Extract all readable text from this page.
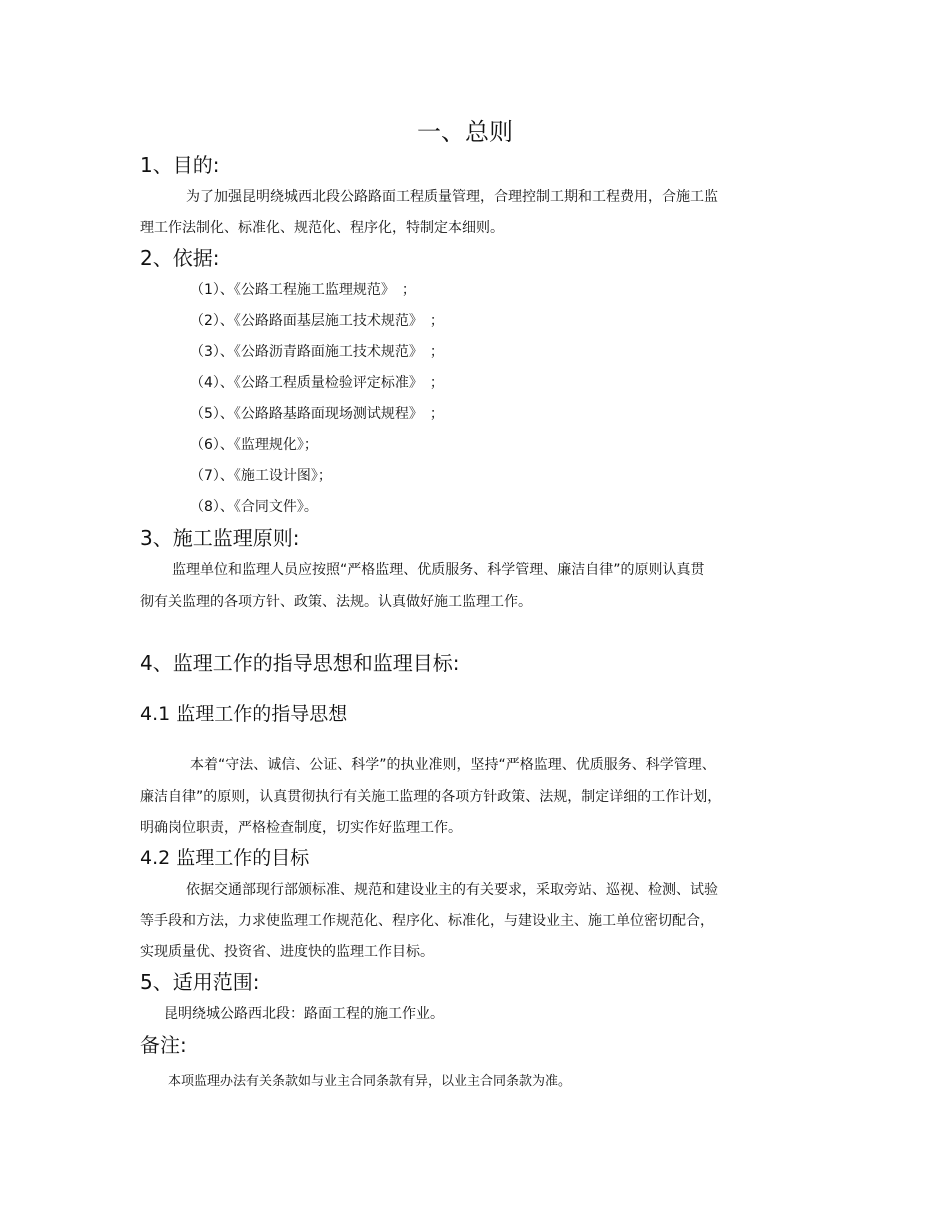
一、总则
1、目的:
为了加强昆明绕城西北段公路路面工程质量管理，合理控制工期和工程费用，合施工监
理工作法制化、标准化、规范化、程序化，特制定本细则。
2、依据:
（1）、《公路工程施工监理规范》　；
（2）、《公路路面基层施工技术规范》　；
（3）、《公路沥青路面施工技术规范》　；
（4）、《公路工程质量检验评定标准》　；
（5）、《公路路基路面现场测试规程》　；
（6）、《监理规化》；
（7）、《施工设计图》；
（8）、《合同文件》。
3、施工监理原则:
监理单位和监理人员应按照“严格监理、优质服务、科学管理、廉洁自律”的原则认真贯
彻有关监理的各项方针、政策、法规。认真做好施工监理工作。
4、监理工作的指导思想和监理目标:
4.1 监理工作的指导思想
本着“守法、诚信、公证、科学”的执业准则，坚持“严格监理、优质服务、科学管理、
廉洁自律”的原则，认真贯彻执行有关施工监理的各项方针政策、法规，制定详细的工作计划，
明确岗位职责，严格检查制度，切实作好监理工作。
4.2 监理工作的目标
依据交通部现行部颁标准、规范和建设业主的有关要求，采取旁站、巡视、检测、试验
等手段和方法，力求使监理工作规范化、程序化、标准化，与建设业主、施工单位密切配合，
实现质量优、投资省、进度快的监理工作目标。
5、适用范围:
昆明绕城公路西北段：路面工程的施工作业。
备注:
本项监理办法有关条款如与业主合同条款有异，以业主合同条款为准。
